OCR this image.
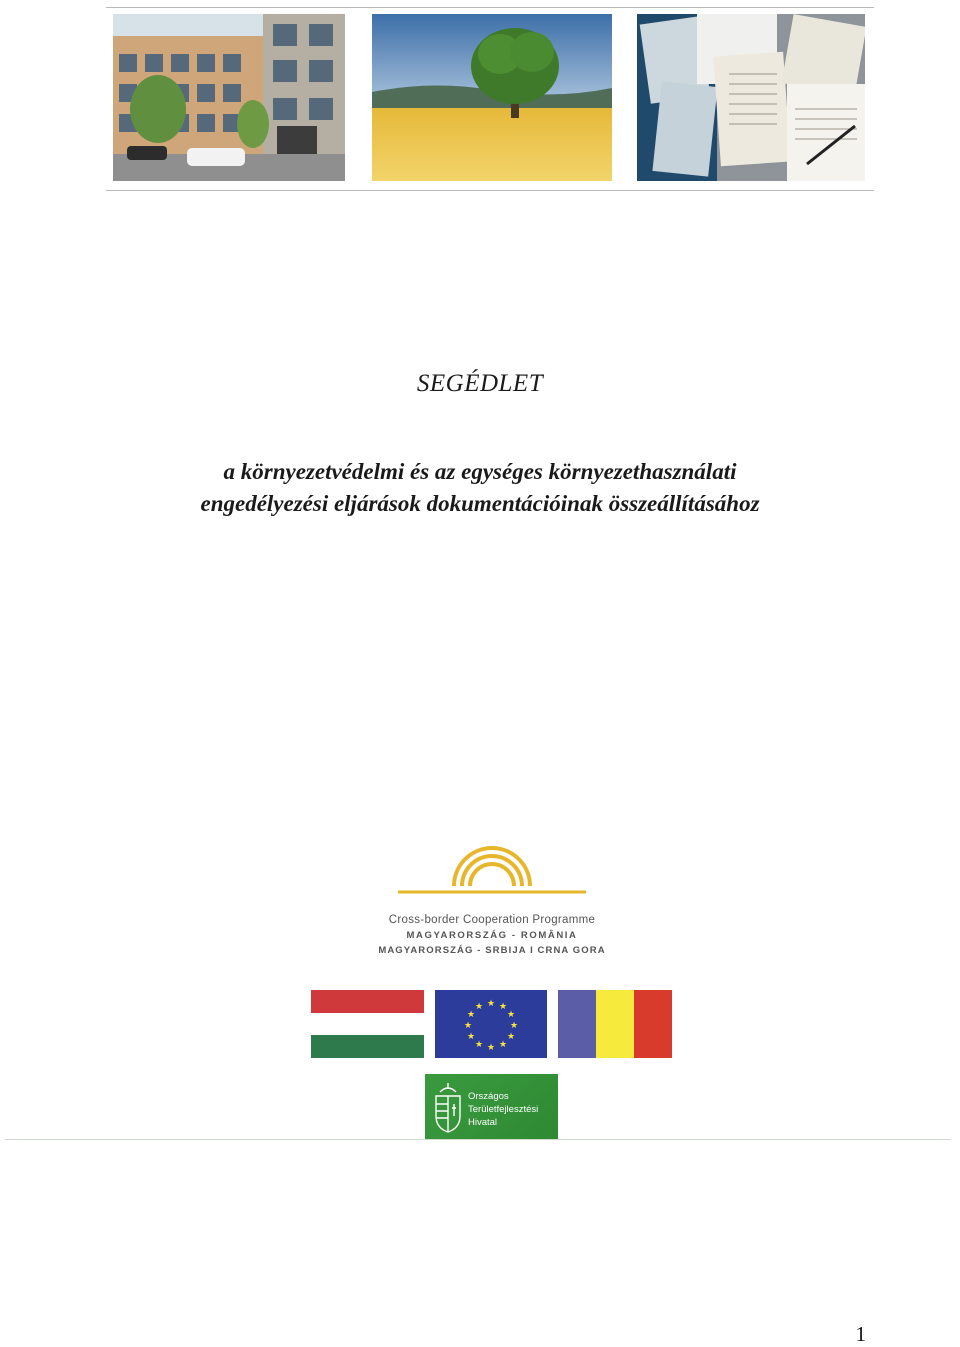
SEGÉDLET
a környezetvédelmi és az egységes környezethasználati
engedélyezési eljárások dokumentációinak összeállításához
Cross-border Cooperation Programme
MAGYARORSZÁG - ROMÂNIA
MAGYARORSZÁG - SRBIJA I CRNA GORA
★ ★
★
★
★
★
★
★
★
★
★
★
Országos
Területfejlesztési
Hivatal
1
